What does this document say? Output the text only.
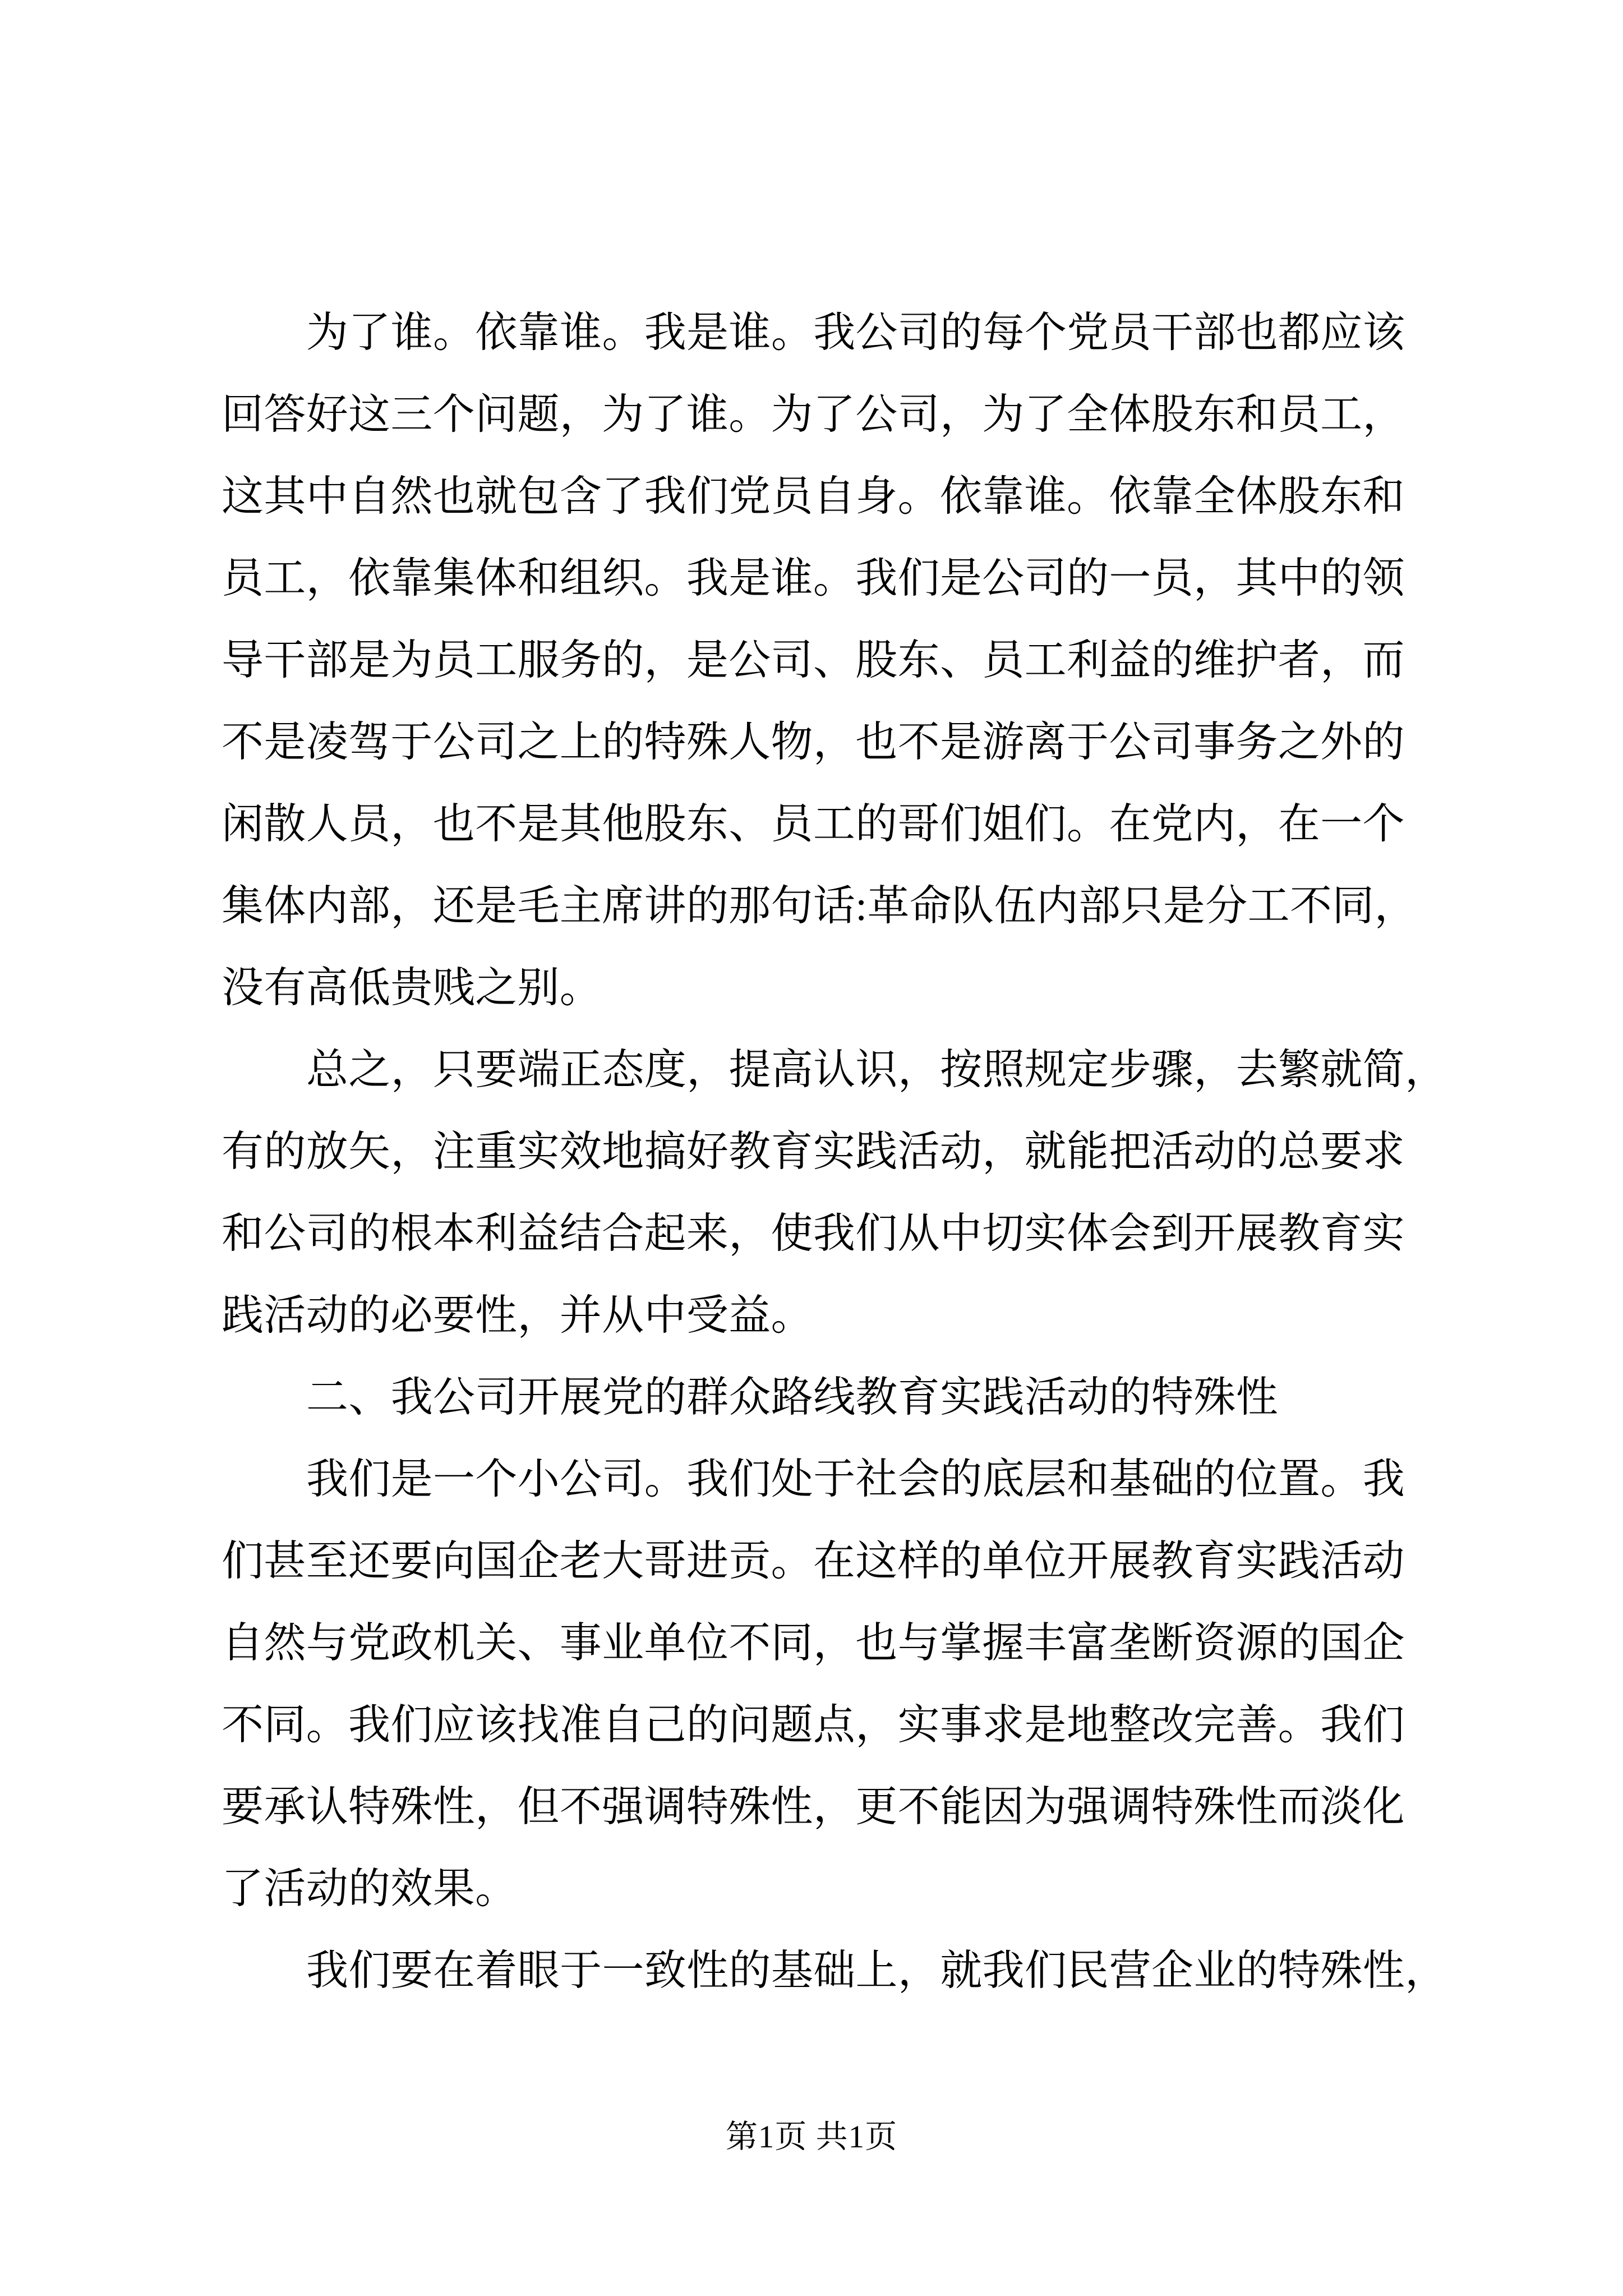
为了谁。依靠谁。我是谁。我公司的每个党员干部也都应该
回答好这三个问题，为了谁。为了公司，为了全体股东和员工，
这其中自然也就包含了我们党员自身。依靠谁。依靠全体股东和
员工，依靠集体和组织。我是谁。我们是公司的一员，其中的领
导干部是为员工服务的，是公司、股东、员工利益的维护者，而
不是凌驾于公司之上的特殊人物，也不是游离于公司事务之外的
闲散人员，也不是其他股东、员工的哥们姐们。在党内，在一个
集体内部，还是毛主席讲的那句话:革命队伍内部只是分工不同，
没有高低贵贱之别。
总之，只要端正态度，提高认识，按照规定步骤，去繁就简，
有的放矢，注重实效地搞好教育实践活动，就能把活动的总要求
和公司的根本利益结合起来，使我们从中切实体会到开展教育实
践活动的必要性，并从中受益。
二、我公司开展党的群众路线教育实践活动的特殊性
我们是一个小公司。我们处于社会的底层和基础的位置。我
们甚至还要向国企老大哥进贡。在这样的单位开展教育实践活动
自然与党政机关、事业单位不同，也与掌握丰富垄断资源的国企
不同。我们应该找准自己的问题点，实事求是地整改完善。我们
要承认特殊性，但不强调特殊性，更不能因为强调特殊性而淡化
了活动的效果。
我们要在着眼于一致性的基础上，就我们民营企业的特殊性，
第1页 共1页
